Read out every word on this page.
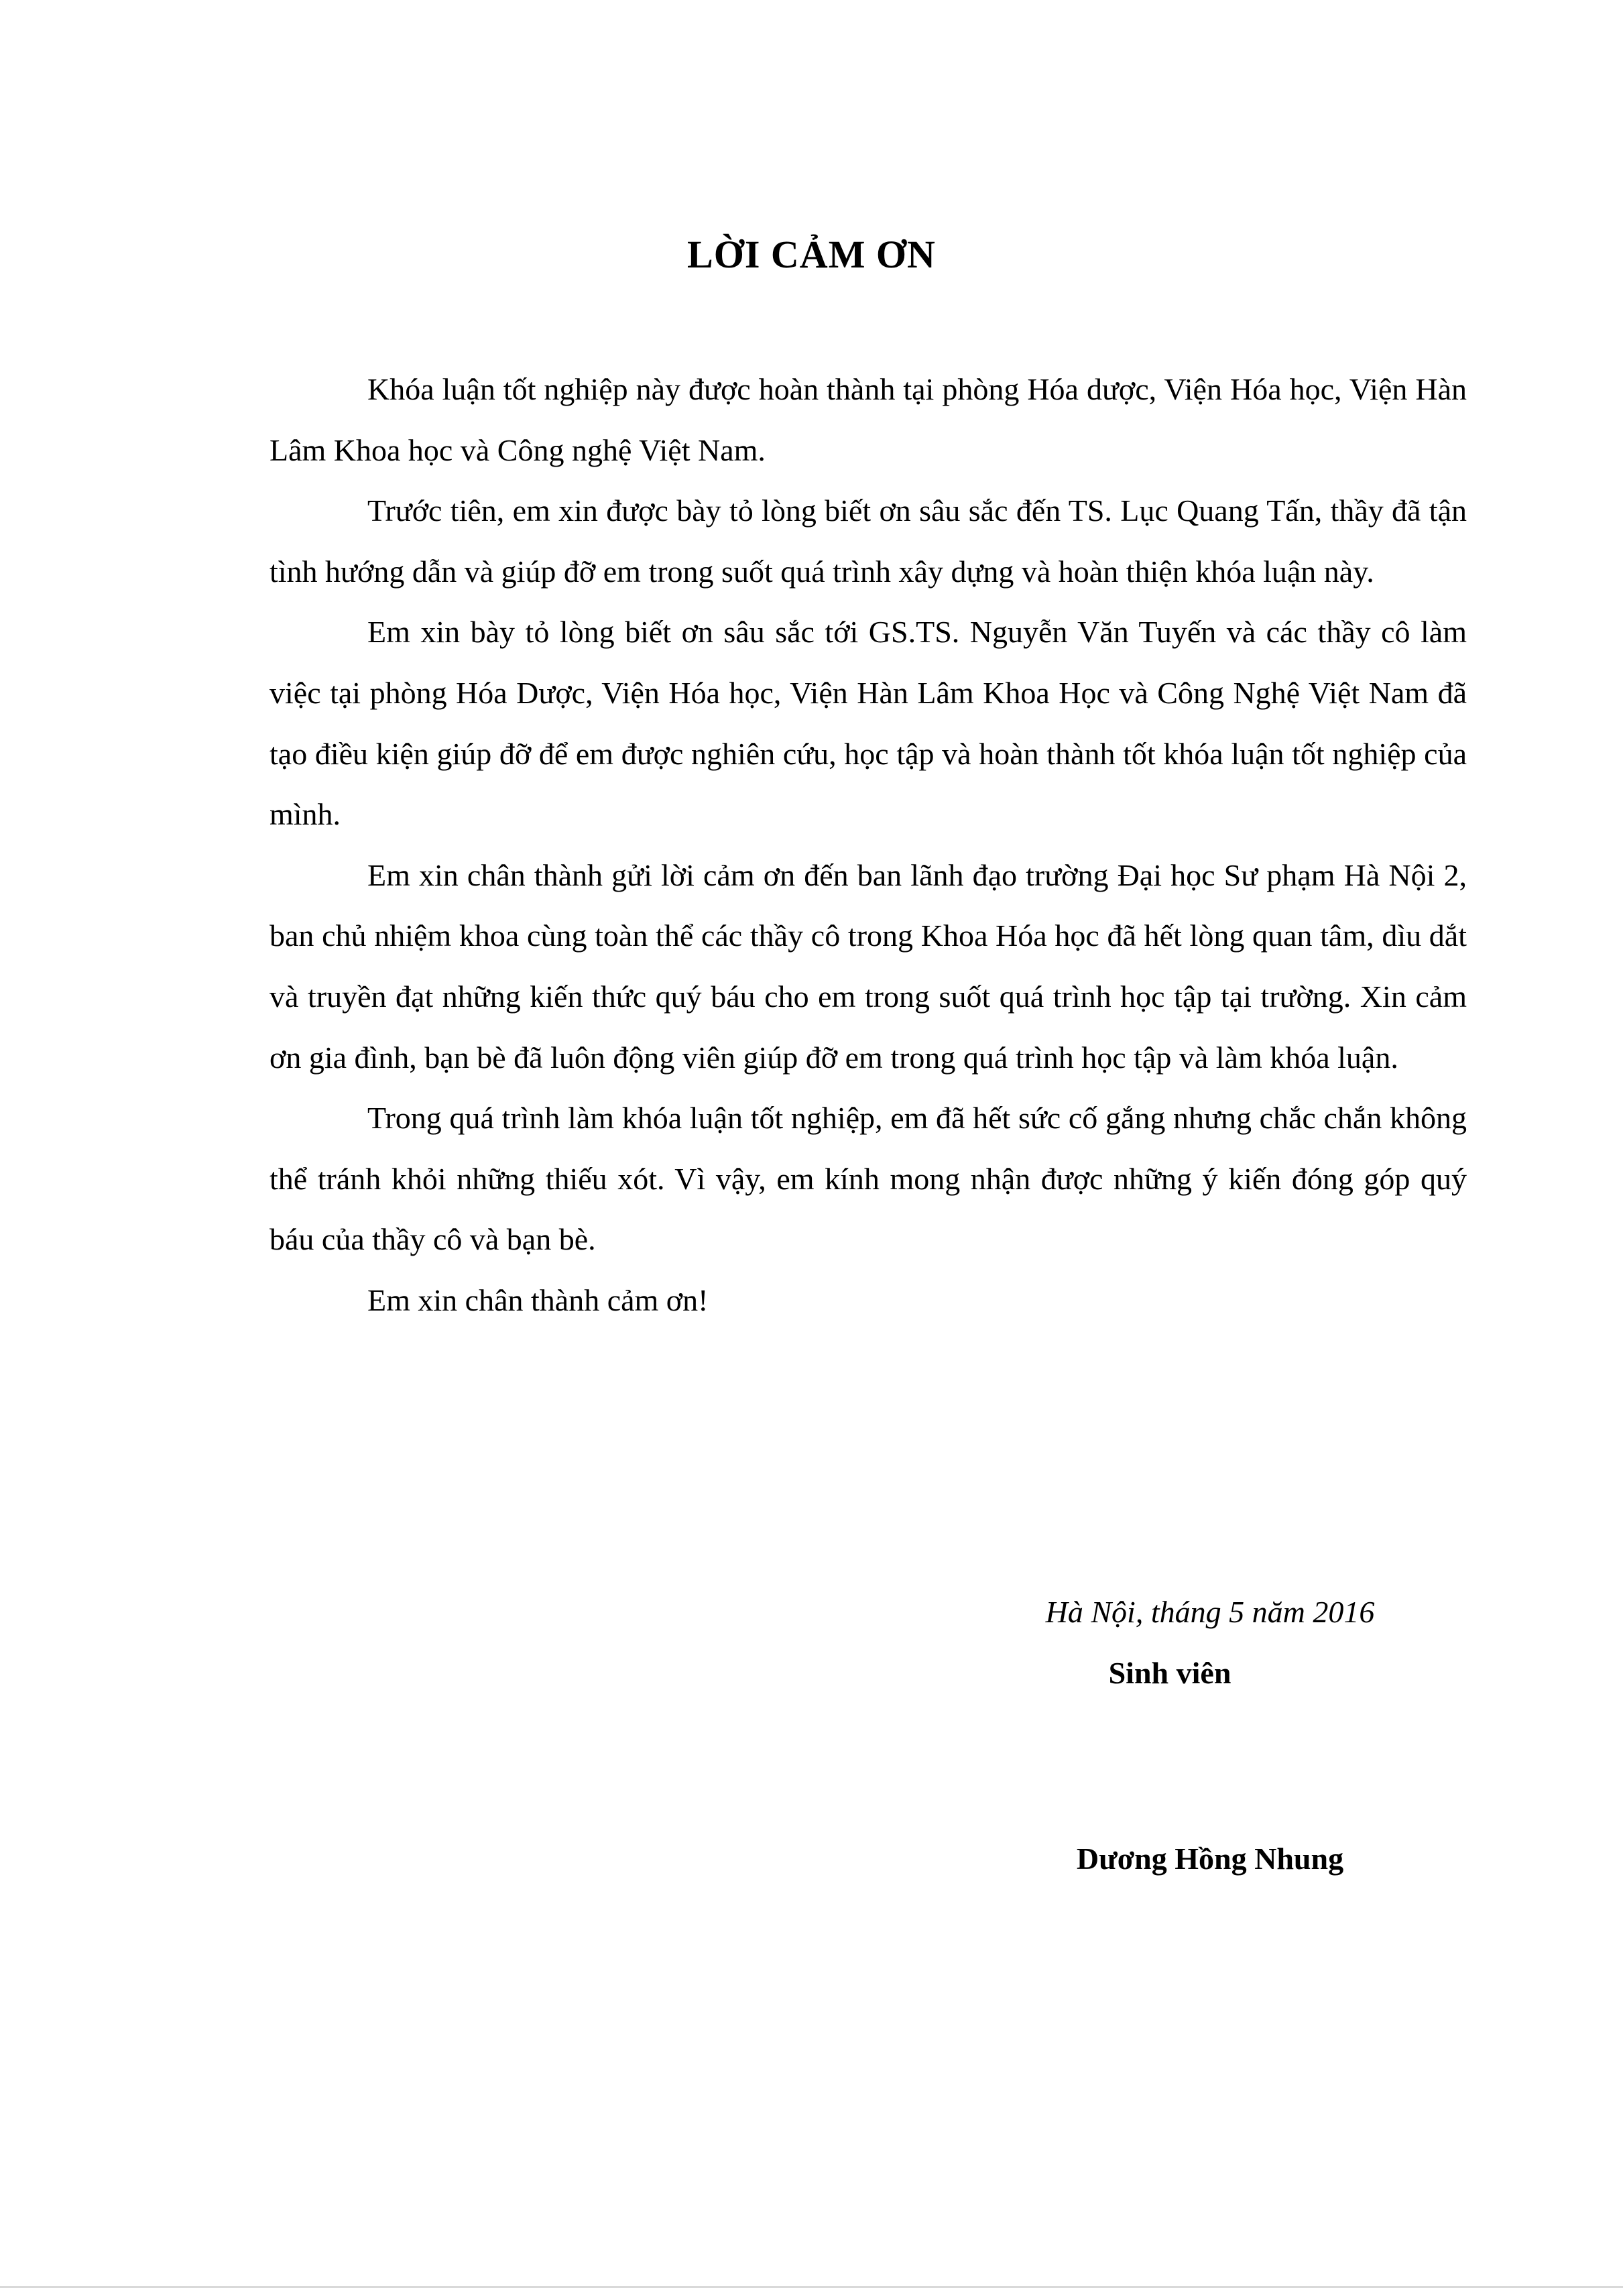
LỜI CẢM ƠN

Khóa luận tốt nghiệp này được hoàn thành tại phòng Hóa dược, Viện Hóa học, Viện Hàn Lâm Khoa học và Công nghệ Việt Nam.

Trước tiên, em xin được bày tỏ lòng biết ơn sâu sắc đến TS. Lục Quang Tấn, thầy đã tận tình hướng dẫn và giúp đỡ em trong suốt quá trình xây dựng và hoàn thiện khóa luận này.

Em xin bày tỏ lòng biết ơn sâu sắc tới GS.TS. Nguyễn Văn Tuyến và các thầy cô làm việc tại phòng Hóa Dược, Viện Hóa học, Viện Hàn Lâm Khoa Học và Công Nghệ Việt Nam đã tạo điều kiện giúp đỡ để em được nghiên cứu, học tập và hoàn thành tốt khóa luận tốt nghiệp của mình.

Em xin chân thành gửi lời cảm ơn đến ban lãnh đạo trường Đại học Sư phạm Hà Nội 2, ban chủ nhiệm khoa cùng toàn thể các thầy cô trong Khoa Hóa học đã hết lòng quan tâm, dìu dắt và truyền đạt những kiến thức quý báu cho em trong suốt quá trình học tập tại trường. Xin cảm ơn gia đình, bạn bè đã luôn động viên giúp đỡ em trong quá trình học tập và làm khóa luận.

Trong quá trình làm khóa luận tốt nghiệp, em đã hết sức cố gắng nhưng chắc chắn không thể tránh khỏi những thiếu xót. Vì vậy, em kính mong nhận được những ý kiến đóng góp quý báu của thầy cô và bạn bè.

Em xin chân thành cảm ơn!

Hà Nội, tháng 5 năm 2016
Sinh viên
Dương Hồng Nhung
